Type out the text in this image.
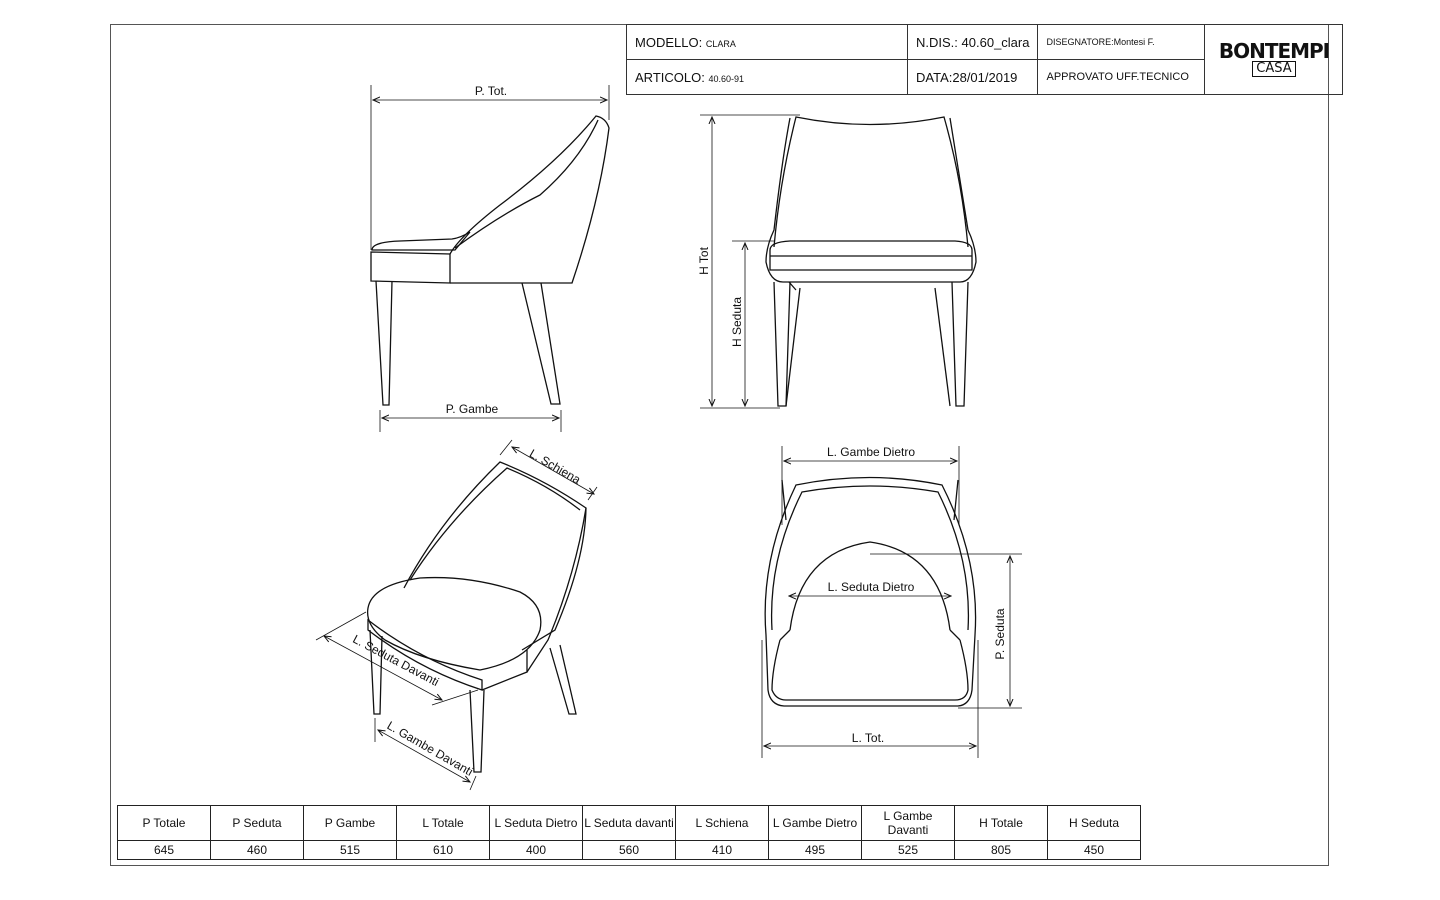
MODELLO: CLARA	N.DIS.: 40.60_clara	DISEGNATORE:Montesi F.	BONTEMPI
CASA
ARTICOLO: 40.60-91	DATA:28/01/2019	APPROVATO UFF.TECNICO	
P. Tot.
P. Gambe
H Tot
H Seduta
L. Schiena
L. Seduta Davanti
L. Gambe Davanti
L. Gambe Dietro
L. Seduta Dietro
P. Seduta
L. Tot.
P Totale	P Seduta	P Gambe	L Totale	L Seduta Dietro	L Seduta davanti	L Schiena	L Gambe Dietro	L Gambe Davanti	H Totale	H Seduta
645	460	515	610	400	560	410	495	525	805	450
